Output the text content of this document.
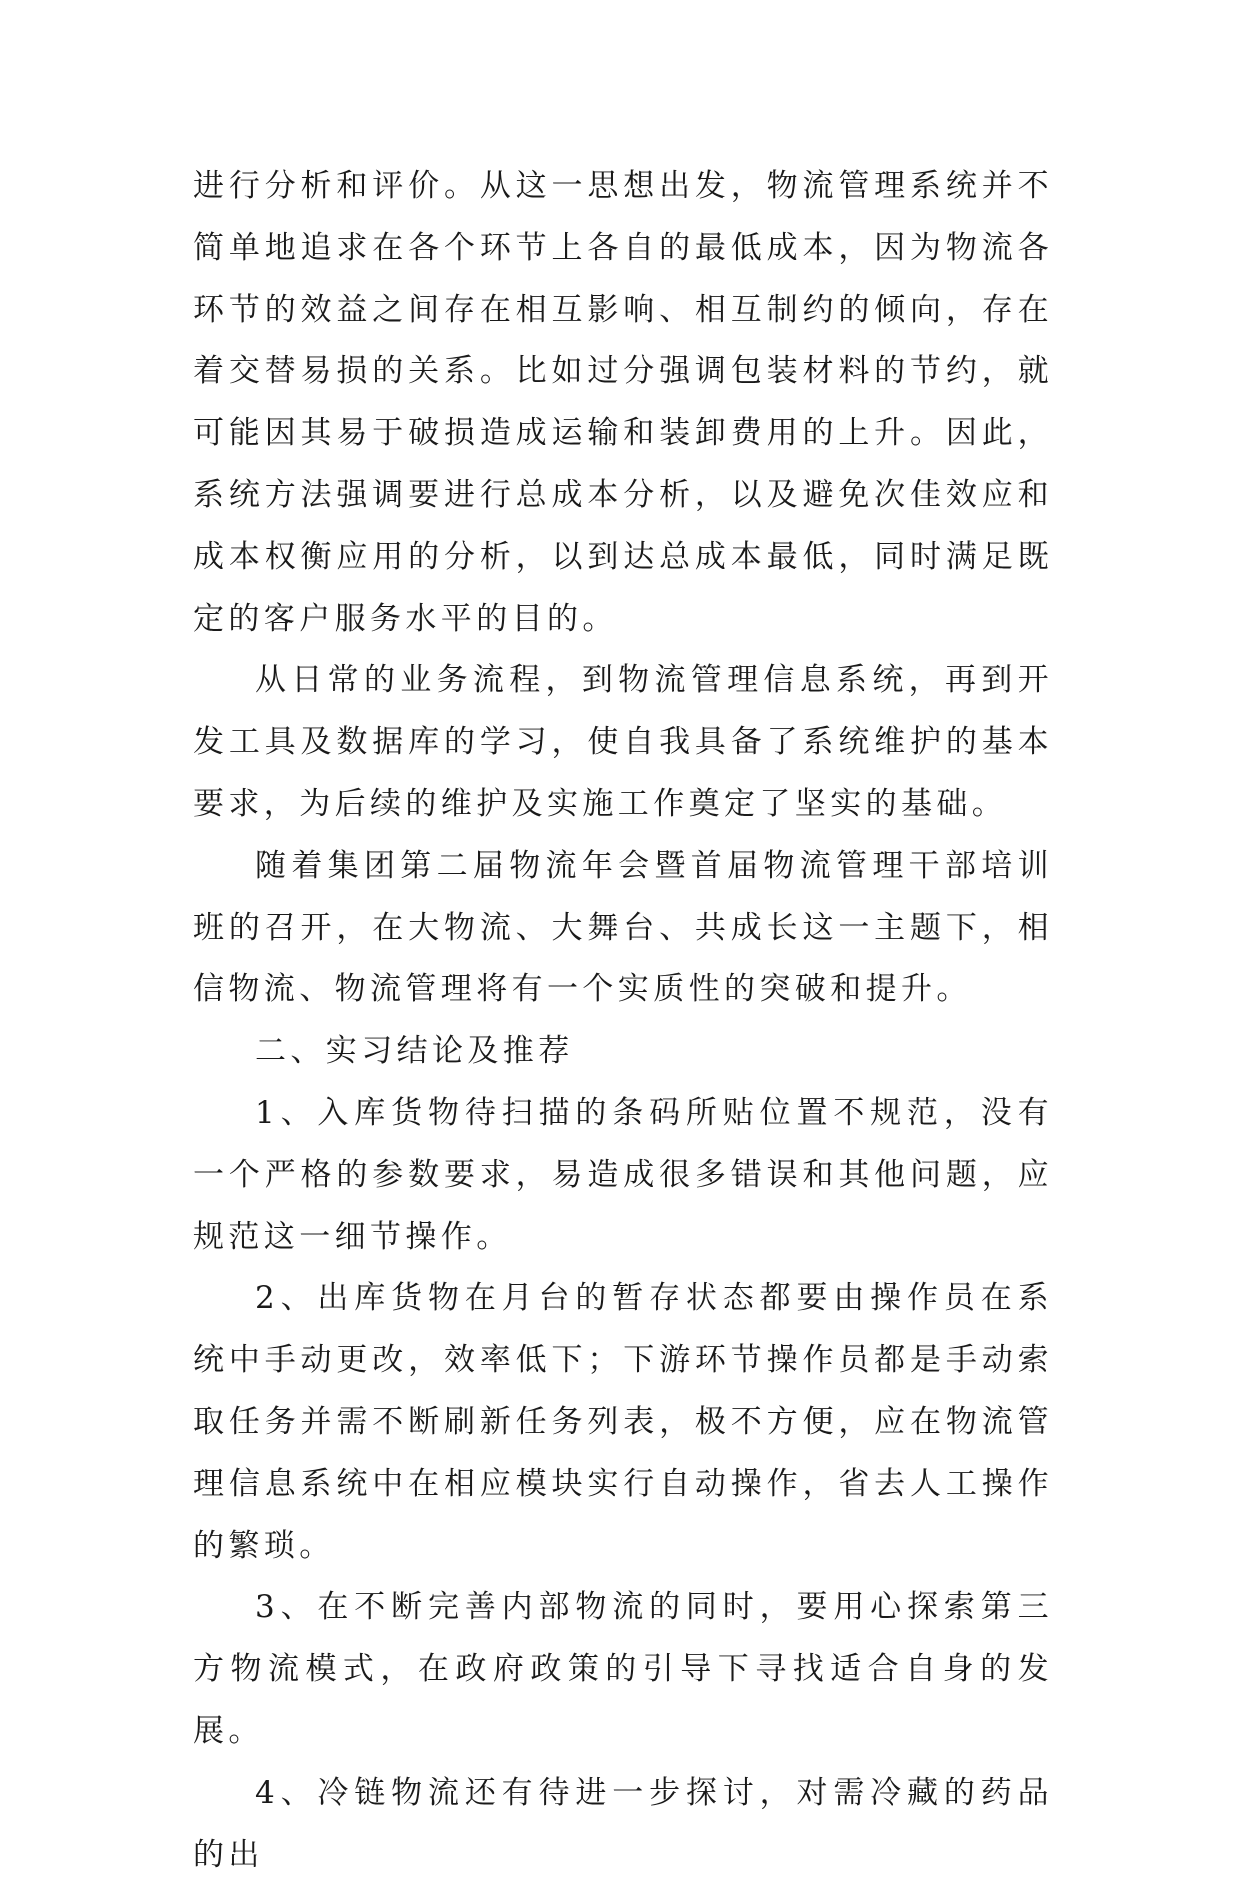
进行分析和评价。从这一思想出发，物流管理系统并不简单地追求在各个环节上各自的最低成本，因为物流各环节的效益之间存在相互影响、相互制约的倾向，存在着交替易损的关系。比如过分强调包装材料的节约，就可能因其易于破损造成运输和装卸费用的上升。因此，系统方法强调要进行总成本分析，以及避免次佳效应和成本权衡应用的分析，以到达总成本最低，同时满足既定的客户服务水平的目的。

从日常的业务流程，到物流管理信息系统，再到开发工具及数据库的学习，使自我具备了系统维护的基本要求，为后续的维护及实施工作奠定了坚实的基础。

随着集团第二届物流年会暨首届物流管理干部培训班的召开，在大物流、大舞台、共成长这一主题下，相信物流、物流管理将有一个实质性的突破和提升。

二、实习结论及推荐

1、入库货物待扫描的条码所贴位置不规范，没有一个严格的参数要求，易造成很多错误和其他问题，应规范这一细节操作。

2、出库货物在月台的暂存状态都要由操作员在系统中手动更改，效率低下；下游环节操作员都是手动索取任务并需不断刷新任务列表，极不方便，应在物流管理信息系统中在相应模块实行自动操作，省去人工操作的繁琐。

3、在不断完善内部物流的同时，要用心探索第三方物流模式，在政府政策的引导下寻找适合自身的发展。

4、冷链物流还有待进一步探讨，对需冷藏的药品的出
